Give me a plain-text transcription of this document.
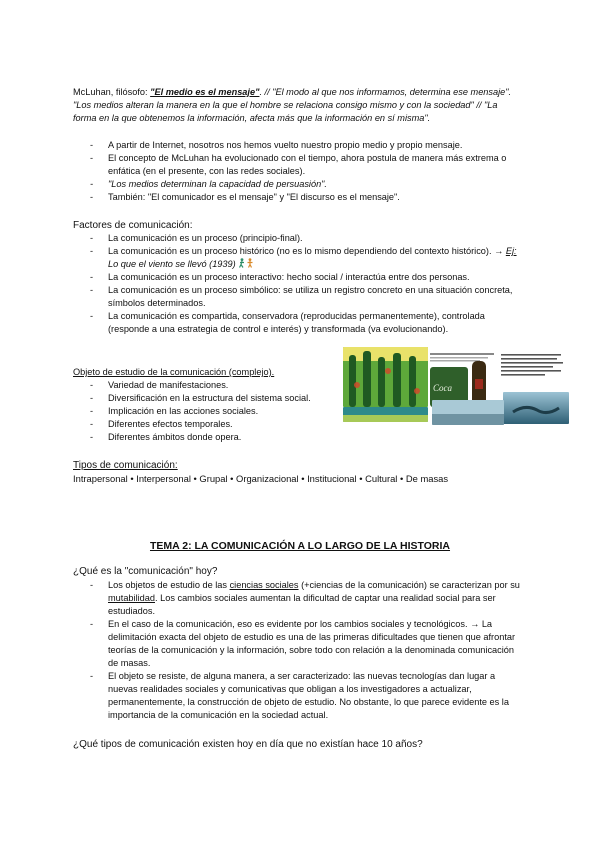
McLuhan, filósofo: "El medio es el mensaje". // "El modo al que nos informamos, determina ese mensaje". "Los medios alteran la manera en la que el hombre se relaciona consigo mismo y con la sociedad" // "La forma en la que obtenemos la información, afecta más que la información en sí misma".

- A partir de Internet, nosotros nos hemos vuelto nuestro propio medio y propio mensaje.
- El concepto de McLuhan ha evolucionado con el tiempo, ahora postula de manera más extrema o enfática (en el presente, con las redes sociales).
- "Los medios determinan la capacidad de persuasión".
- También: "El comunicador es el mensaje" y "El discurso es el mensaje".

Factores de comunicación:

- La comunicación es un proceso (principio-final).
- La comunicación es un proceso histórico (no es lo mismo dependiendo del contexto histórico). → Ej: Lo que el viento se llevó (1939)
- La comunicación es un proceso interactivo: hecho social / interactúa entre dos personas.
- La comunicación es un proceso simbólico: se utiliza un registro concreto en una situación concreta, símbolos determinados.
- La comunicación es compartida, conservadora (reproducidas permanentemente), controlada (responde a una estrategia de control e interés) y transformada (va evolucionando).

Objeto de estudio de la comunicación (complejo).

- Variedad de manifestaciones.
- Diversificación en la estructura del sistema social.
- Implicación en las acciones sociales.
- Diferentes efectos temporales.
- Diferentes ámbitos donde opera.
Coca

Tipos de comunicación:

Intrapersonal • Interpersonal • Grupal • Organizacional • Institucional • Cultural • De masas

TEMA 2: LA COMUNICACIÓN A LO LARGO DE LA HISTORIA

¿Qué es la "comunicación" hoy?

- Los objetos de estudio de las ciencias sociales (+ciencias de la comunicación) se caracterizan por su mutabilidad. Los cambios sociales aumentan la dificultad de captar una realidad social para ser estudiados.
- En el caso de la comunicación, eso es evidente por los cambios sociales y tecnológicos. → La delimitación exacta del objeto de estudio es una de las primeras dificultades que tienen que afrontar teorías de la comunicación y la información, sobre todo con relación a la denominada comunicación de masas.
- El objeto se resiste, de alguna manera, a ser caracterizado: las nuevas tecnologías dan lugar a nuevas realidades sociales y comunicativas que obligan a los investigadores a actualizar, permanentemente, la construcción de objeto de estudio. No obstante, lo que parece evidente es la importancia de la comunicación en la sociedad actual.

¿Qué tipos de comunicación existen hoy en día que no existían hace 10 años?
